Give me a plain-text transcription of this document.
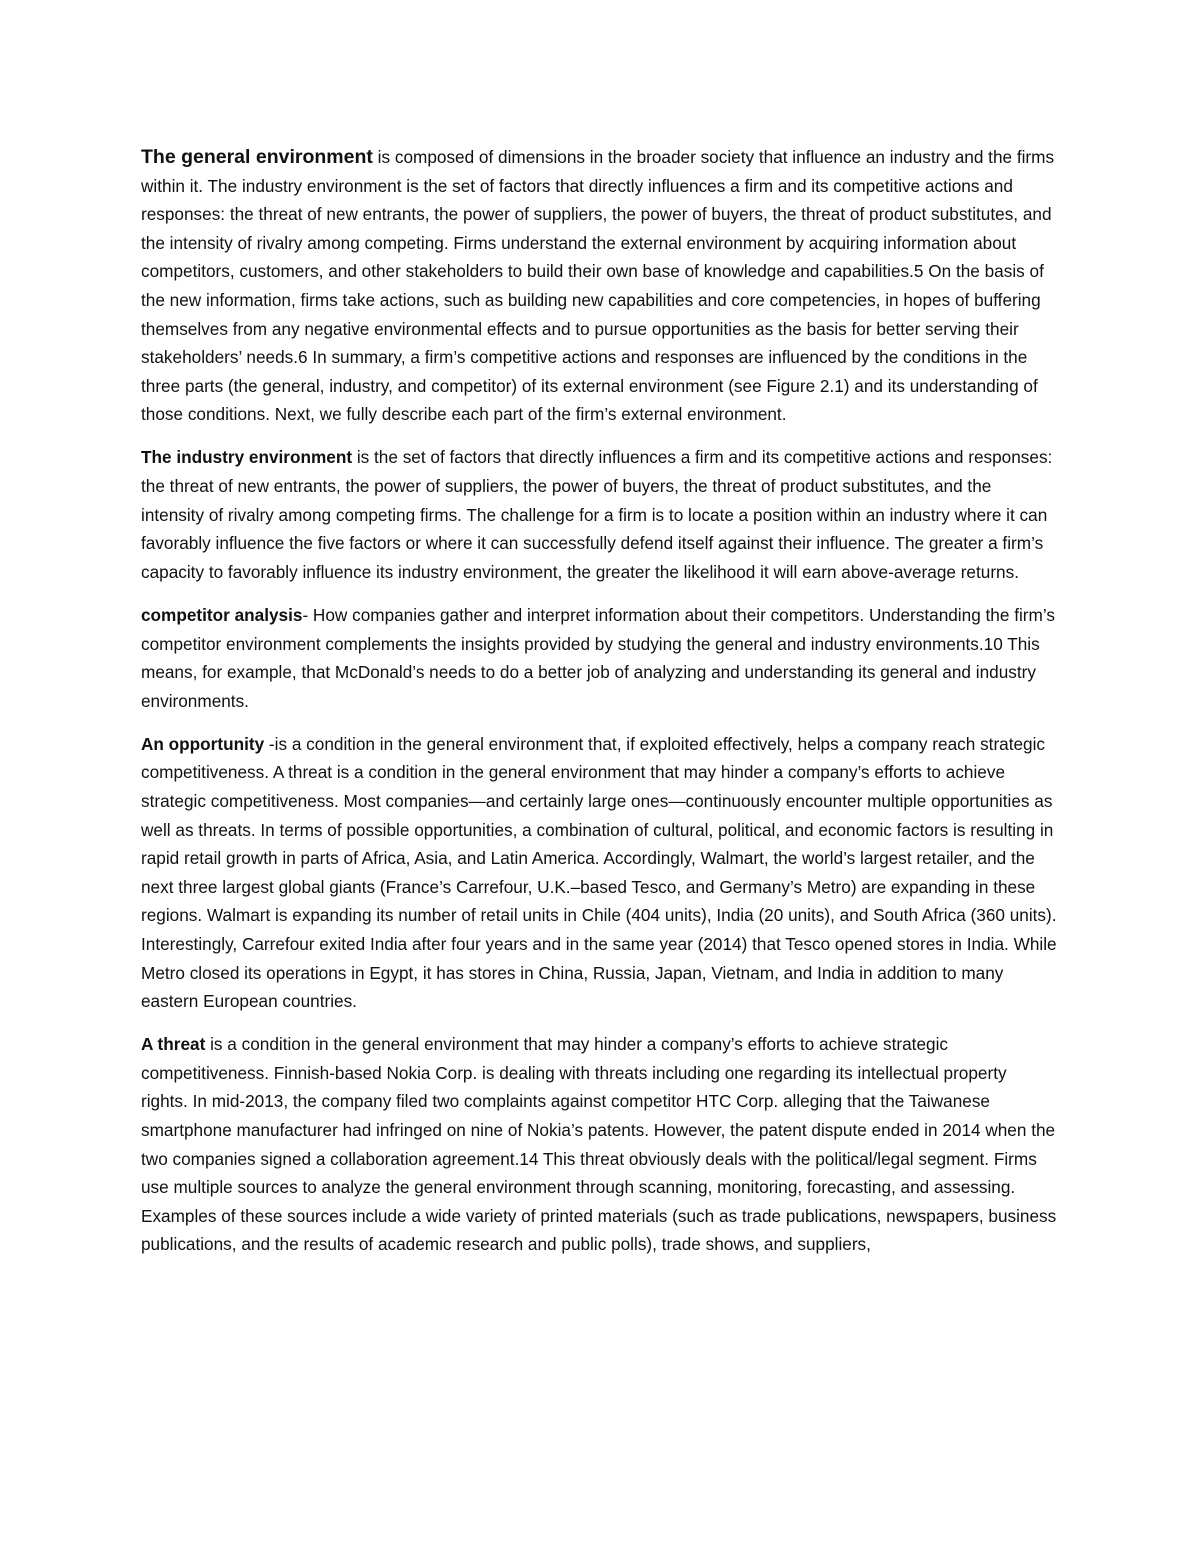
The general environment is composed of dimensions in the broader society that influence an industry and the firms within it. The industry environment is the set of factors that directly influences a firm and its competitive actions and responses: the threat of new entrants, the power of suppliers, the power of buyers, the threat of product substitutes, and the intensity of rivalry among competing. Firms understand the external environment by acquiring information about competitors, customers, and other stakeholders to build their own base of knowledge and capabilities.5 On the basis of the new information, firms take actions, such as building new capabilities and core competencies, in hopes of buffering themselves from any negative environmental effects and to pursue opportunities as the basis for better serving their stakeholders’ needs.6 In summary, a firm’s competitive actions and responses are influenced by the conditions in the three parts (the general, industry, and competitor) of its external environment (see Figure 2.1) and its understanding of those conditions. Next, we fully describe each part of the firm’s external environment.

The industry environment is the set of factors that directly influences a firm and its competitive actions and responses: the threat of new entrants, the power of suppliers, the power of buyers, the threat of product substitutes, and the intensity of rivalry among competing firms. The challenge for a firm is to locate a position within an industry where it can favorably influence the five factors or where it can successfully defend itself against their influence. The greater a firm’s capacity to favorably influence its industry environment, the greater the likelihood it will earn above-average returns.

competitor analysis- How companies gather and interpret information about their competitors. Understanding the firm’s competitor environment complements the insights provided by studying the general and industry environments.10 This means, for example, that McDonald’s needs to do a better job of analyzing and understanding its general and industry environments.

An opportunity -is a condition in the general environment that, if exploited effectively, helps a company reach strategic competitiveness. A threat is a condition in the general environment that may hinder a company’s efforts to achieve strategic competitiveness. Most companies—and certainly large ones—continuously encounter multiple opportunities as well as threats. In terms of possible opportunities, a combination of cultural, political, and economic factors is resulting in rapid retail growth in parts of Africa, Asia, and Latin America. Accordingly, Walmart, the world’s largest retailer, and the next three largest global giants (France’s Carrefour, U.K.–based Tesco, and Germany’s Metro) are expanding in these regions. Walmart is expanding its number of retail units in Chile (404 units), India (20 units), and South Africa (360 units). Interestingly, Carrefour exited India after four years and in the same year (2014) that Tesco opened stores in India. While Metro closed its operations in Egypt, it has stores in China, Russia, Japan, Vietnam, and India in addition to many eastern European countries.

A threat is a condition in the general environment that may hinder a company’s efforts to achieve strategic competitiveness. Finnish-based Nokia Corp. is dealing with threats including one regarding its intellectual property rights. In mid-2013, the company filed two complaints against competitor HTC Corp. alleging that the Taiwanese smartphone manufacturer had infringed on nine of Nokia’s patents. However, the patent dispute ended in 2014 when the two companies signed a collaboration agreement.14 This threat obviously deals with the political/legal segment. Firms use multiple sources to analyze the general environment through scanning, monitoring, forecasting, and assessing. Examples of these sources include a wide variety of printed materials (such as trade publications, newspapers, business publications, and the results of academic research and public polls), trade shows, and suppliers,
